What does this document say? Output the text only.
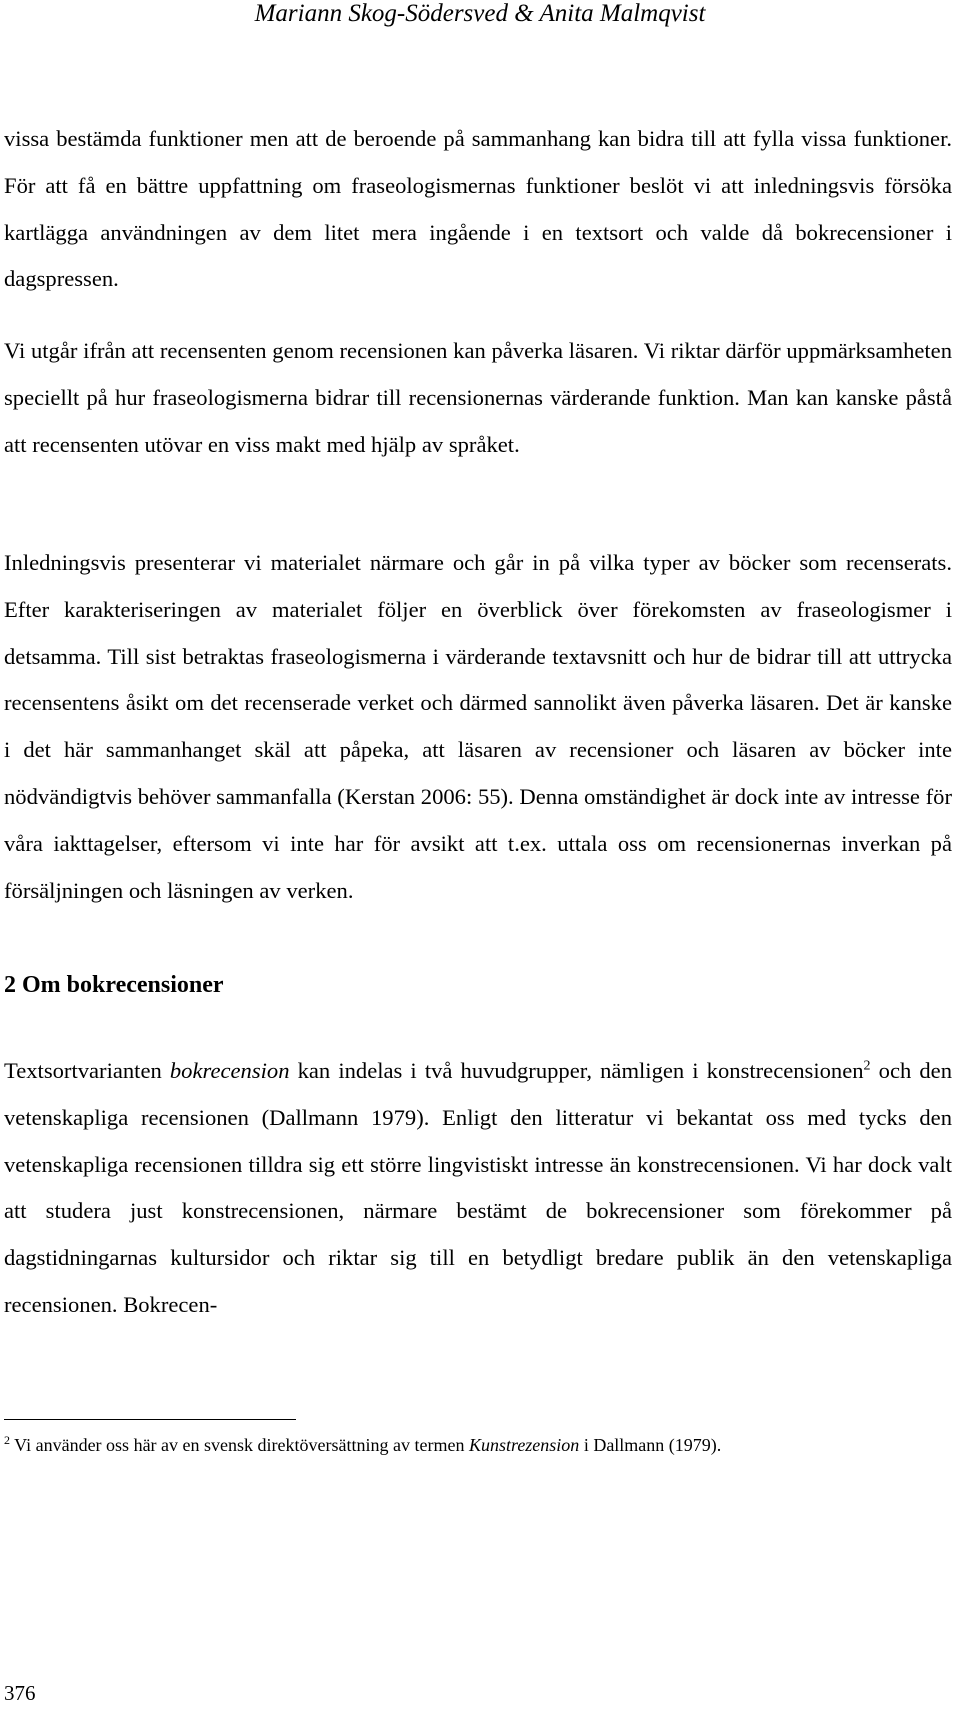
Mariann Skog-Södersved & Anita Malmqvist

vissa bestämda funktioner men att de beroende på sammanhang kan bidra till att fylla vissa funktioner. För att få en bättre uppfattning om fraseologismernas funktioner beslöt vi att inledningsvis försöka kartlägga användningen av dem litet mera ingående i en textsort och valde då bokrecensioner i dagspressen.

Vi utgår ifrån att recensenten genom recensionen kan påverka läsaren. Vi riktar därför uppmärksamheten speciellt på hur fraseologismerna bidrar till recensionernas värderande funktion. Man kan kanske påstå att recensenten utövar en viss makt med hjälp av språket.

Inledningsvis presenterar vi materialet närmare och går in på vilka typer av böcker som recenserats. Efter karakteriseringen av materialet följer en överblick över förekomsten av fraseologismer i detsamma. Till sist betraktas fraseologismerna i värderande textavsnitt och hur de bidrar till att uttrycka recensentens åsikt om det recenserade verket och därmed sannolikt även påverka läsaren. Det är kanske i det här sammanhanget skäl att påpeka, att läsaren av recensioner och läsaren av böcker inte nödvändigtvis behöver sammanfalla (Kerstan 2006: 55). Denna omständighet är dock inte av intresse för våra iakttagelser, eftersom vi inte har för avsikt att t.ex. uttala oss om recensionernas inverkan på försäljningen och läsningen av verken.

2 Om bokrecensioner

Textsortvarianten bokrecension kan indelas i två huvudgrupper, nämligen i konstrecensionen$^2$ och den vetenskapliga recensionen (Dallmann 1979). Enligt den litteratur vi bekantat oss med tycks den vetenskapliga recensionen tilldra sig ett större lingvistiskt intresse än konstrecensionen. Vi har dock valt att studera just konstrecensionen, närmare bestämt de bokrecensioner som förekommer på dagstidningarnas kultursidor och riktar sig till en betydligt bredare publik än den vetenskapliga recensionen. Bokrecen-

$^2$ Vi använder oss här av en svensk direktöversättning av termen Kunstrezension i Dallmann (1979).

376
